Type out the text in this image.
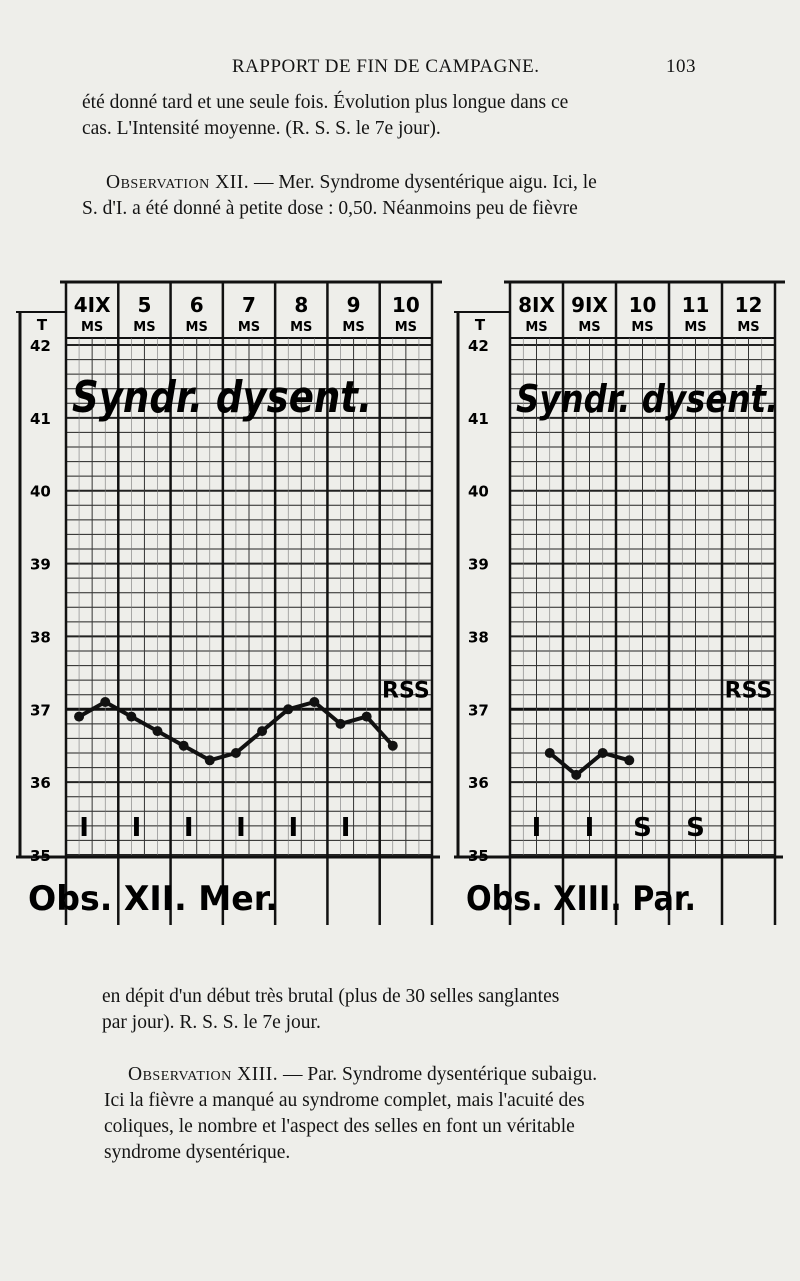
RAPPORT DE FIN DE CAMPAGNE.	103

été donné tard et une seule fois. Évolution plus longue dans ce
cas. L'Intensité moyenne. (R. S. S. le 7e jour).

Observation XII. — Mer. Syndrome dysentérique aigu. Ici, le
S. d'I. a été donné à petite dose : 0,50. Néanmoins peu de fièvre

T
42
41
40
39
38
37
36
35
4IX
MS
5
MS
6
MS
7
MS
8
MS
9
MS
10
MS
Syndr. dysent.
RSS
I I I I I I
Obs. XII. Mer.
T
42
41
40
39
38
37
36
35
8IX
MS
9IX
MS
10
MS
11
MS
12
MS
Syndr. dysent.
RSS
I I S S
Obs. XIII. Par.

en dépit d'un début très brutal (plus de 30 selles sanglantes
par jour). R. S. S. le 7e jour.

Observation XIII. — Par. Syndrome dysentérique subaigu.
Ici la fièvre a manqué au syndrome complet, mais l'acuité des
coliques, le nombre et l'aspect des selles en font un véritable
syndrome dysentérique.
